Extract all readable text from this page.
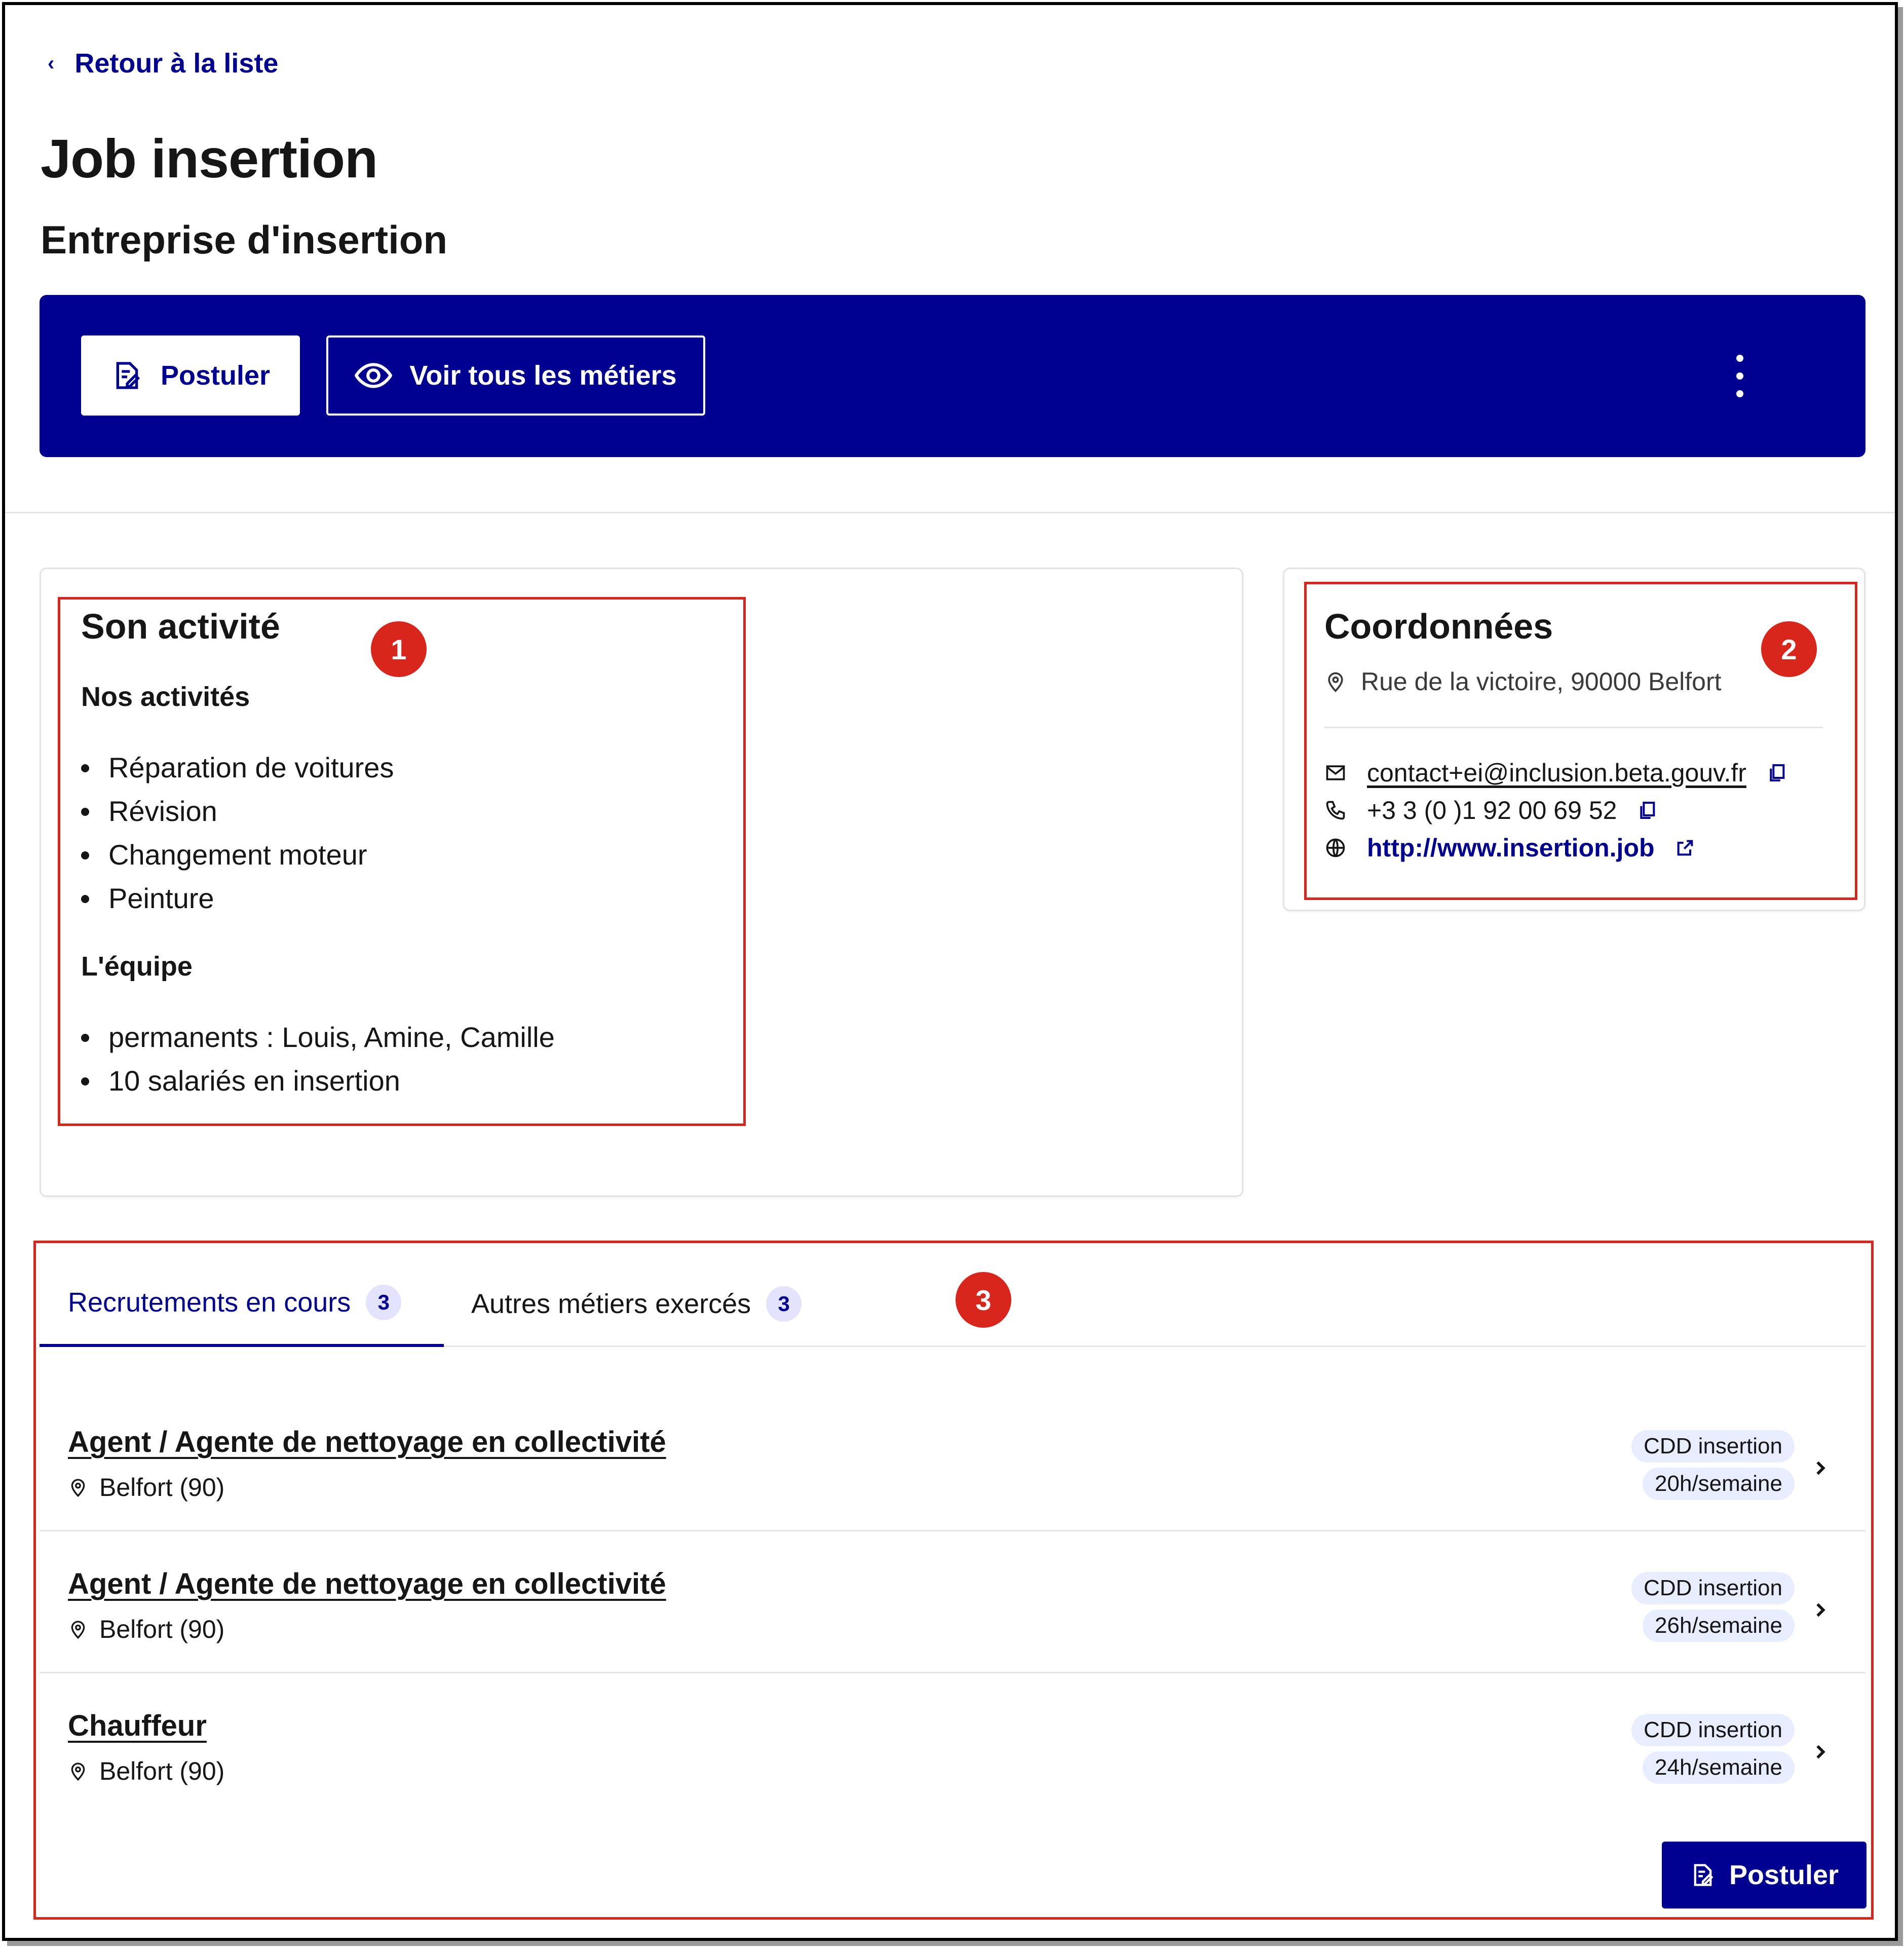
‹ Retour à la liste
Job insertion
Entreprise d'insertion
Postuler	Voir tous les métiers
Son activité
1
Nos activités
Réparation de voitures
Révision
Changement moteur
Peinture
L'équipe
permanents : Louis, Amine, Camille
10 salariés en insertion
Coordonnées
2
Rue de la victoire, 90000 Belfort
contact+ei@inclusion.beta.gouv.fr
+3 3 (0 )1 92 00 69 52
http://www.insertion.job
Recrutements en cours	3	Autres métiers exercés	3	3
Agent / Agente de nettoyage en collectivité
Belfort (90)
CDD insertion
20h/semaine
Agent / Agente de nettoyage en collectivité
Belfort (90)
CDD insertion
26h/semaine
Chauffeur
Belfort (90)
CDD insertion
24h/semaine
Postuler
